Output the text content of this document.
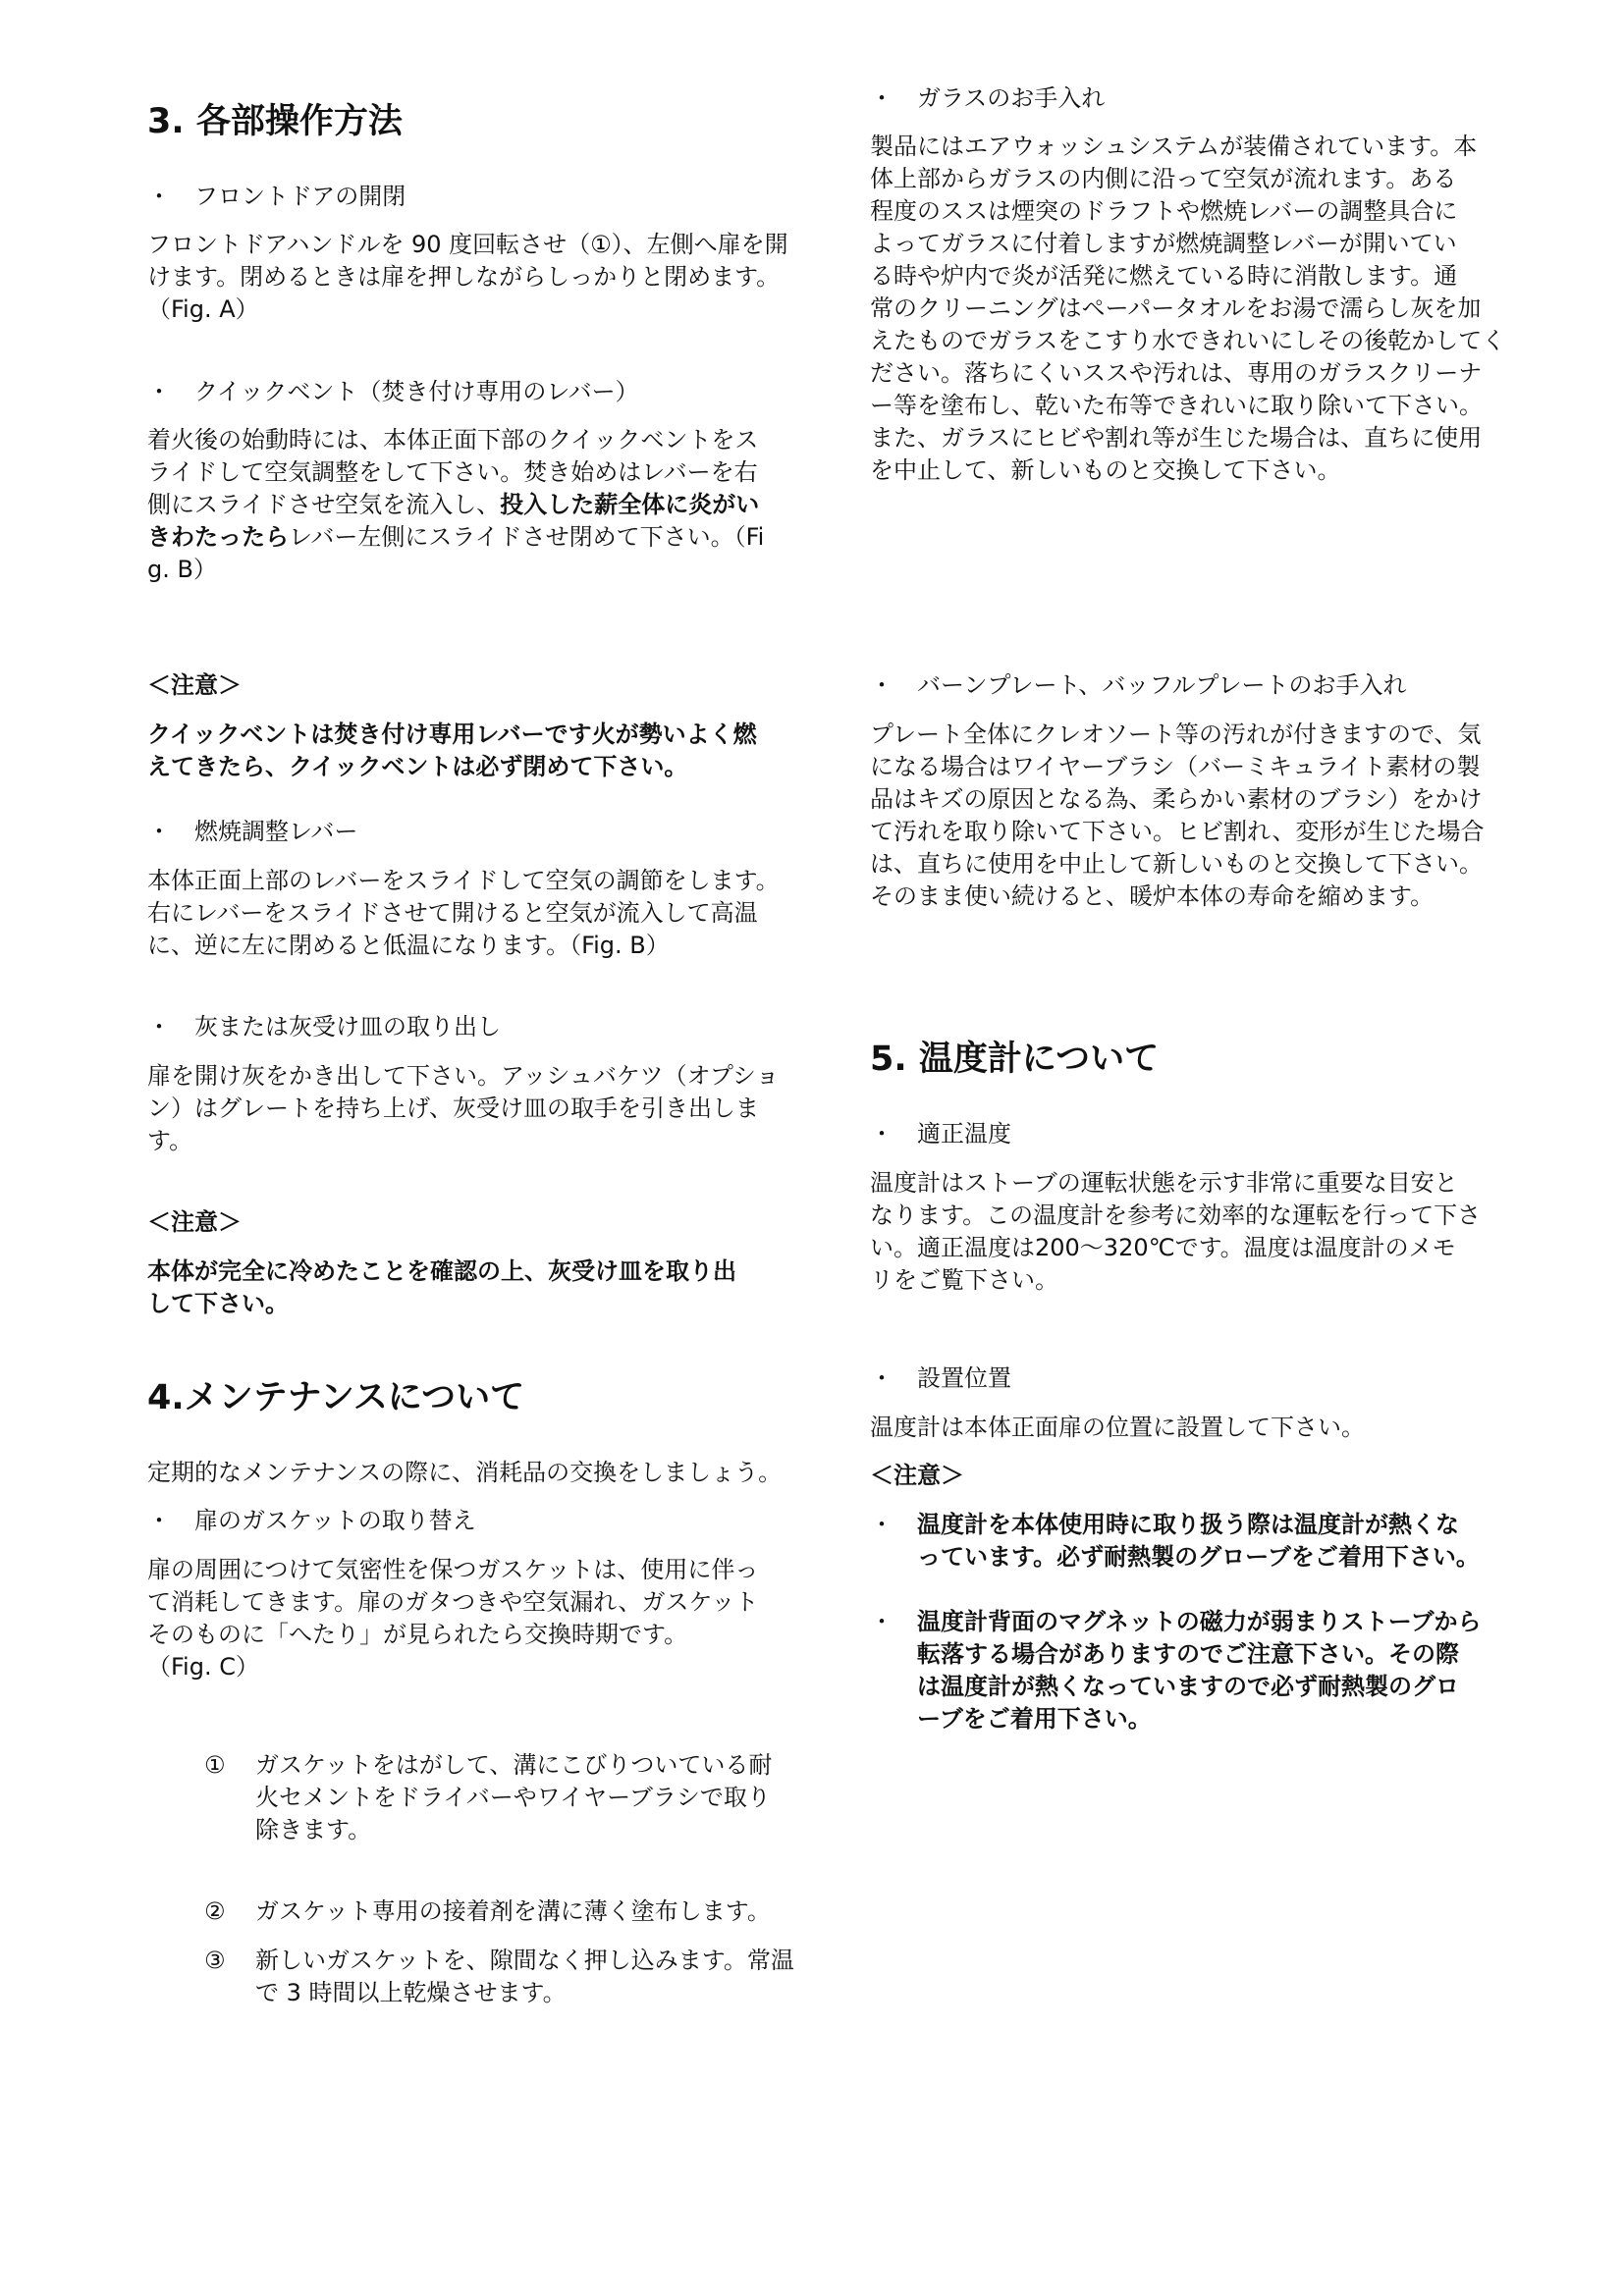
3. 各部操作方法
・ フロントドアの開閉
フロントドアハンドルを 90 度回転させ（①）、左側へ扉を開
けます。閉めるときは扉を押しながらしっかりと閉めます。
（Fig. A）
・ クイックベント（焚き付け専用のレバー）
着火後の始動時には、本体正面下部のクイックベントをス
ライドして空気調整をして下さい。焚き始めはレバーを右
側にスライドさせ空気を流入し、投入した薪全体に炎がい
きわたったらレバー左側にスライドさせ閉めて下さい。（Fi
g. B）
＜注意＞
クイックベントは焚き付け専用レバーです火が勢いよく燃
えてきたら、クイックベントは必ず閉めて下さい。
・ 燃焼調整レバー
本体正面上部のレバーをスライドして空気の調節をします。
右にレバーをスライドさせて開けると空気が流入して高温
に、逆に左に閉めると低温になります。（Fig. B）
・ 灰または灰受け皿の取り出し
扉を開け灰をかき出して下さい。アッシュバケツ（オプショ
ン）はグレートを持ち上げ、灰受け皿の取手を引き出しま
す。
＜注意＞
本体が完全に冷めたことを確認の上、灰受け皿を取り出
して下さい。
4.メンテナンスについて
定期的なメンテナンスの際に、消耗品の交換をしましょう。
・ 扉のガスケットの取り替え
扉の周囲につけて気密性を保つガスケットは、使用に伴っ
て消耗してきます。扉のガタつきや空気漏れ、ガスケット
そのものに「へたり」が見られたら交換時期です。
（Fig. C）
① ガスケットをはがして、溝にこびりついている耐
火セメントをドライバーやワイヤーブラシで取り
除きます。
② ガスケット専用の接着剤を溝に薄く塗布します。
③ 新しいガスケットを、隙間なく押し込みます。常温
で 3 時間以上乾燥させます。
・ ガラスのお手入れ
製品にはエアウォッシュシステムが装備されています。本
体上部からガラスの内側に沿って空気が流れます。ある
程度のススは煙突のドラフトや燃焼レバーの調整具合に
よってガラスに付着しますが燃焼調整レバーが開いてい
る時や炉内で炎が活発に燃えている時に消散します。通
常のクリーニングはペーパータオルをお湯で濡らし灰を加
えたものでガラスをこすり水できれいにしその後乾かしてく
ださい。落ちにくいススや汚れは、専用のガラスクリーナ
ー等を塗布し、乾いた布等できれいに取り除いて下さい。
また、ガラスにヒビや割れ等が生じた場合は、直ちに使用
を中止して、新しいものと交換して下さい。
・ バーンプレート、バッフルプレートのお手入れ
プレート全体にクレオソート等の汚れが付きますので、気
になる場合はワイヤーブラシ（バーミキュライト素材の製
品はキズの原因となる為、柔らかい素材のブラシ）をかけ
て汚れを取り除いて下さい。ヒビ割れ、変形が生じた場合
は、直ちに使用を中止して新しいものと交換して下さい。
そのまま使い続けると、暖炉本体の寿命を縮めます。
5. 温度計について
・ 適正温度
温度計はストーブの運転状態を示す非常に重要な目安と
なります。この温度計を参考に効率的な運転を行って下さ
い。適正温度は200～320℃です。温度は温度計のメモ
リをご覧下さい。
・ 設置位置
温度計は本体正面扉の位置に設置して下さい。
＜注意＞
・ 温度計を本体使用時に取り扱う際は温度計が熱くな
っています。必ず耐熱製のグローブをご着用下さい。
・ 温度計背面のマグネットの磁力が弱まりストーブから
転落する場合がありますのでご注意下さい。その際
は温度計が熱くなっていますので必ず耐熱製のグロ
ーブをご着用下さい。
